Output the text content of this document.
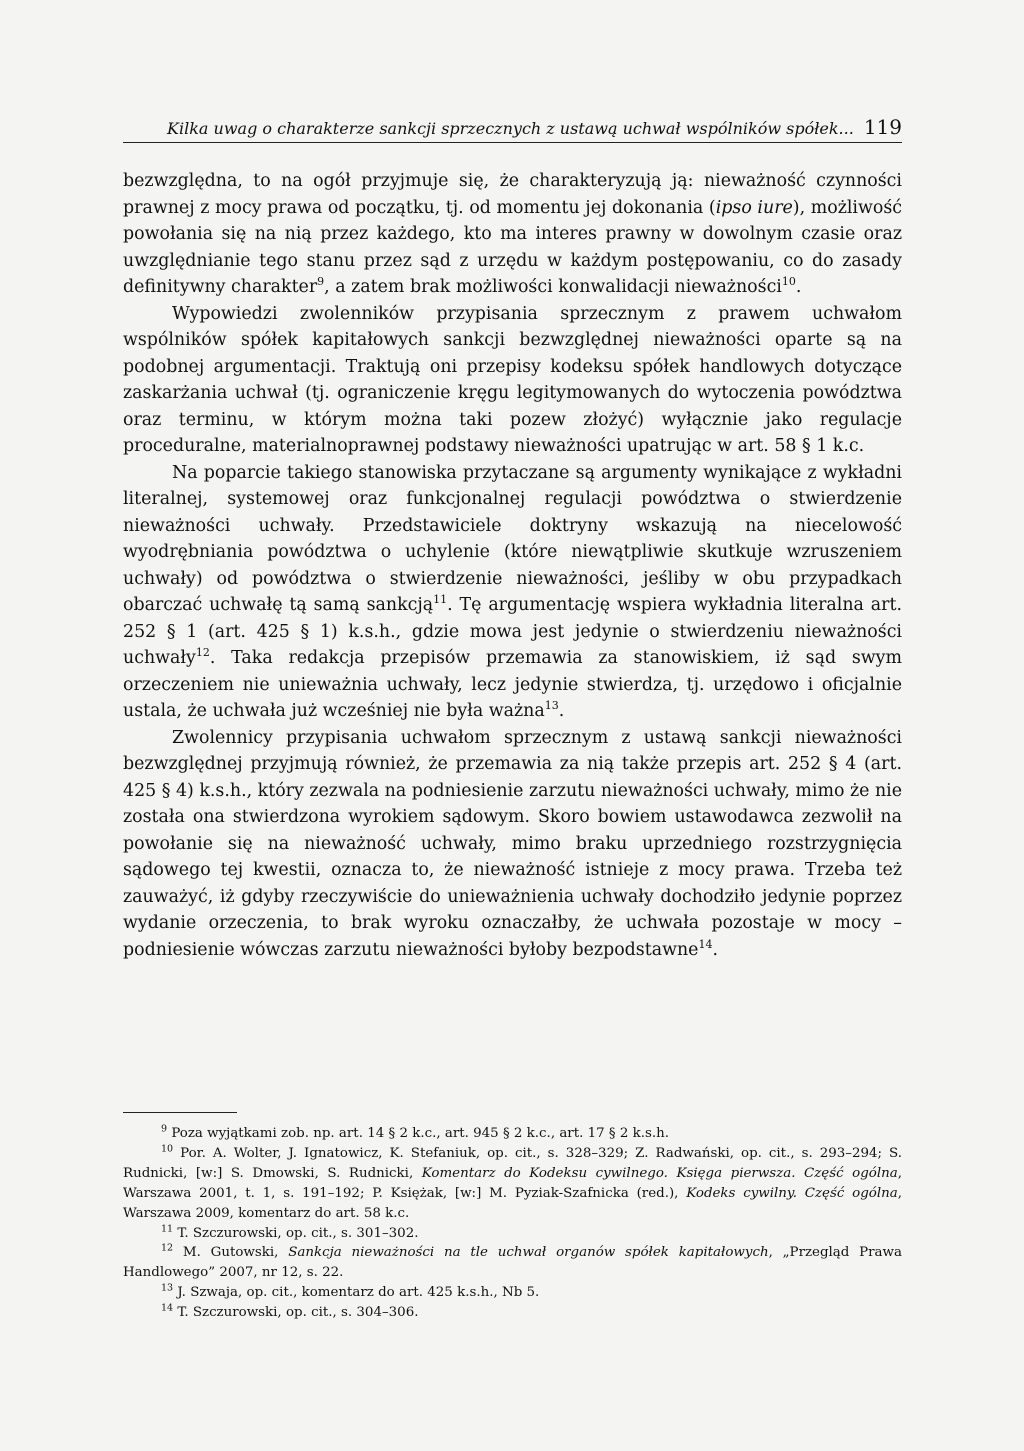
Kilka uwag o charakterze sankcji sprzecznych z ustawą uchwał wspólników spółek... 119

bezwzględna, to na ogół przyjmuje się, że charakteryzują ją: nieważność czynności prawnej z mocy prawa od początku, tj. od momentu jej dokonania (ipso iure), możliwość powołania się na nią przez każdego, kto ma interes prawny w dowolnym czasie oraz uwzględnianie tego stanu przez sąd z urzędu w każdym postępowaniu, co do zasady definitywny charakter$^9$, a zatem brak możliwości konwalidacji nieważności$^{10}$.

Wypowiedzi zwolenników przypisania sprzecznym z prawem uchwałom wspólników spółek kapitałowych sankcji bezwzględnej nieważności oparte są na podobnej argumentacji. Traktują oni przepisy kodeksu spółek handlowych dotyczące zaskarżania uchwał (tj. ograniczenie kręgu legitymowanych do wytoczenia powództwa oraz terminu, w którym można taki pozew złożyć) wyłącznie jako regulacje proceduralne, materialnoprawnej podstawy nieważności upatrując w art. 58 § 1 k.c.

Na poparcie takiego stanowiska przytaczane są argumenty wynikające z wykładni literalnej, systemowej oraz funkcjonalnej regulacji powództwa o stwierdzenie nieważności uchwały. Przedstawiciele doktryny wskazują na niecelowość wyodrębniania powództwa o uchylenie (które niewątpliwie skutkuje wzruszeniem uchwały) od powództwa o stwierdzenie nieważności, jeśliby w obu przypadkach obarczać uchwałę tą samą sankcją$^{11}$. Tę argumentację wspiera wykładnia literalna art. 252 § 1 (art. 425 § 1) k.s.h., gdzie mowa jest jedynie o stwierdzeniu nieważności uchwały$^{12}$. Taka redakcja przepisów przemawia za stanowiskiem, iż sąd swym orzeczeniem nie unieważnia uchwały, lecz jedynie stwierdza, tj. urzędowo i oficjalnie ustala, że uchwała już wcześniej nie była ważna$^{13}$.

Zwolennicy przypisania uchwałom sprzecznym z ustawą sankcji nieważności bezwzględnej przyjmują również, że przemawia za nią także przepis art. 252 § 4 (art. 425 § 4) k.s.h., który zezwala na podniesienie zarzutu nieważności uchwały, mimo że nie została ona stwierdzona wyrokiem sądowym. Skoro bowiem ustawodawca zezwolił na powołanie się na nieważność uchwały, mimo braku uprzedniego rozstrzygnięcia sądowego tej kwestii, oznacza to, że nieważność istnieje z mocy prawa. Trzeba też zauważyć, iż gdyby rzeczywiście do unieważnienia uchwały dochodziło jedynie poprzez wydanie orzeczenia, to brak wyroku oznaczałby, że uchwała pozostaje w mocy – podniesienie wówczas zarzutu nieważności byłoby bezpodstawne$^{14}$.

$^9$ Poza wyjątkami zob. np. art. 14 § 2 k.c., art. 945 § 2 k.c., art. 17 § 2 k.s.h.

$^{10}$ Por. A. Wolter, J. Ignatowicz, K. Stefaniuk, op. cit., s. 328–329; Z. Radwański, op. cit., s. 293–294; S. Rudnicki, [w:] S. Dmowski, S. Rudnicki, Komentarz do Kodeksu cywilnego. Księga pierwsza. Część ogólna, Warszawa 2001, t. 1, s. 191–192; P. Księżak, [w:] M. Pyziak-Szafnicka (red.), Kodeks cywilny. Część ogólna, Warszawa 2009, komentarz do art. 58 k.c.

$^{11}$ T. Szczurowski, op. cit., s. 301–302.

$^{12}$ M. Gutowski, Sankcja nieważności na tle uchwał organów spółek kapitałowych, „Przegląd Prawa Handlowego” 2007, nr 12, s. 22.

$^{13}$ J. Szwaja, op. cit., komentarz do art. 425 k.s.h., Nb 5.

$^{14}$ T. Szczurowski, op. cit., s. 304–306.
